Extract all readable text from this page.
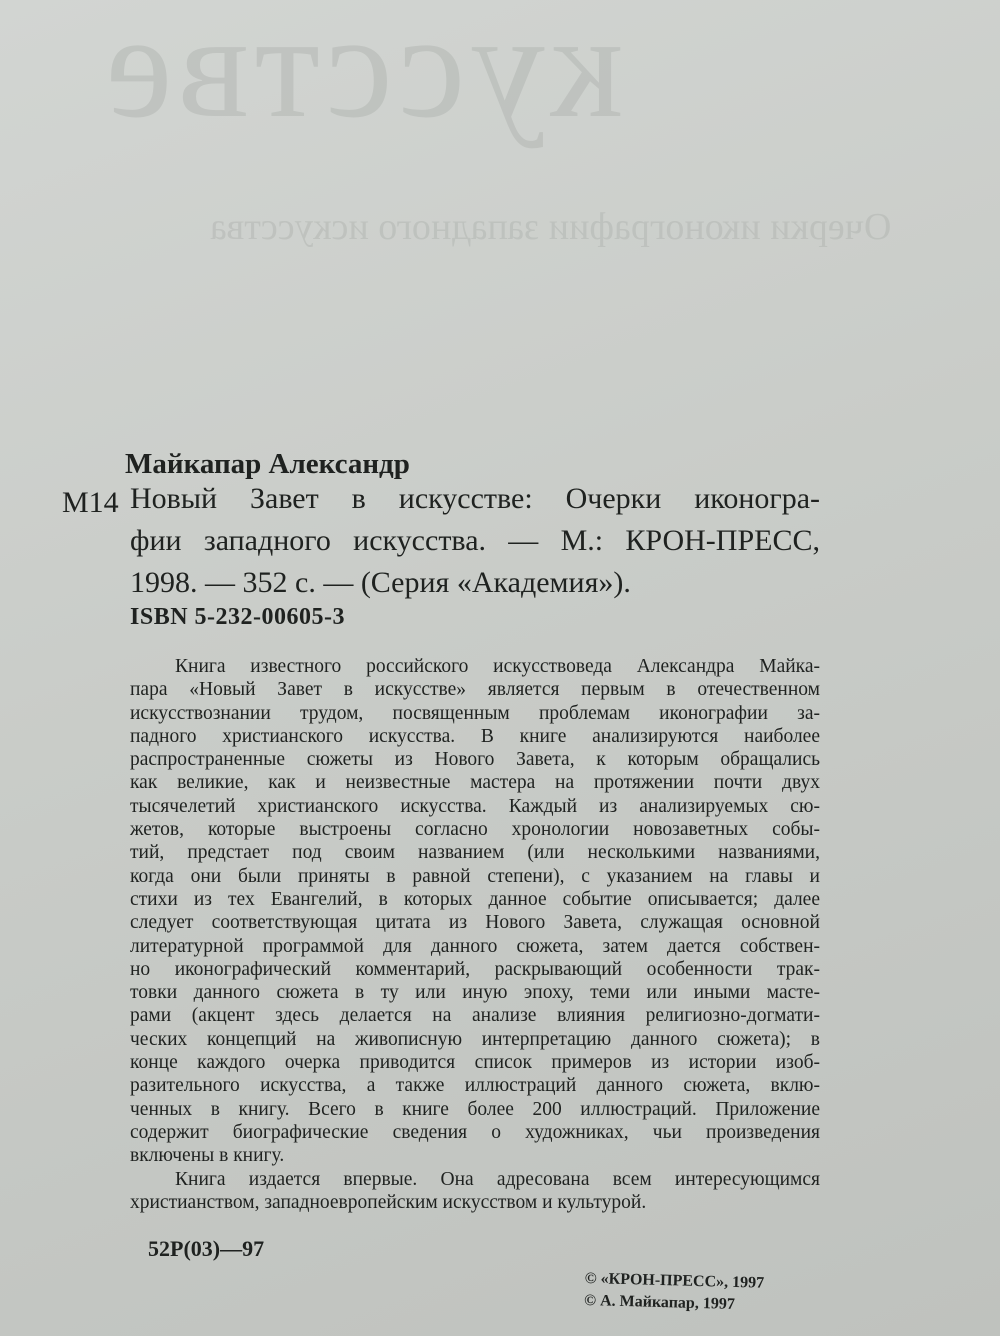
кусстве
Очерки иконографии западного искусства
Майкапар Александр
М14 Новый Завет в искусстве: Очерки иконогра-
фии западного искусства. — М.: КРОН-ПРЕСС,
1998. — 352 с. — (Серия «Академия»).
ISBN 5-232-00605-3
Книга известного российского искусствоведа Александра Майка-
пара «Новый Завет в искусстве» является первым в отечественном
искусствознании трудом, посвященным проблемам иконографии за-
падного христианского искусства. В книге анализируются наиболее
распространенные сюжеты из Нового Завета, к которым обращались
как великие, как и неизвестные мастера на протяжении почти двух
тысячелетий христианского искусства. Каждый из анализируемых сю-
жетов, которые выстроены согласно хронологии новозаветных собы-
тий, предстает под своим названием (или несколькими названиями,
когда они были приняты в равной степени), с указанием на главы и
стихи из тех Евангелий, в которых данное событие описывается; далее
следует соответствующая цитата из Нового Завета, служащая основной
литературной программой для данного сюжета, затем дается собствен-
но иконографический комментарий, раскрывающий особенности трак-
товки данного сюжета в ту или иную эпоху, теми или иными масте-
рами (акцент здесь делается на анализе влияния религиозно-догмати-
ческих концепций на живописную интерпретацию данного сюжета); в
конце каждого очерка приводится список примеров из истории изоб-
разительного искусства, а также иллюстраций данного сюжета, вклю-
ченных в книгу. Всего в книге более 200 иллюстраций. Приложение
содержит биографические сведения о художниках, чьи произведения
включены в книгу.
Книга издается впервые. Она адресована всем интересующимся
христианством, западноевропейским искусством и культурой.
52Р(03)—97
© «КРОН-ПРЕСС», 1997
© А. Майкапар, 1997
